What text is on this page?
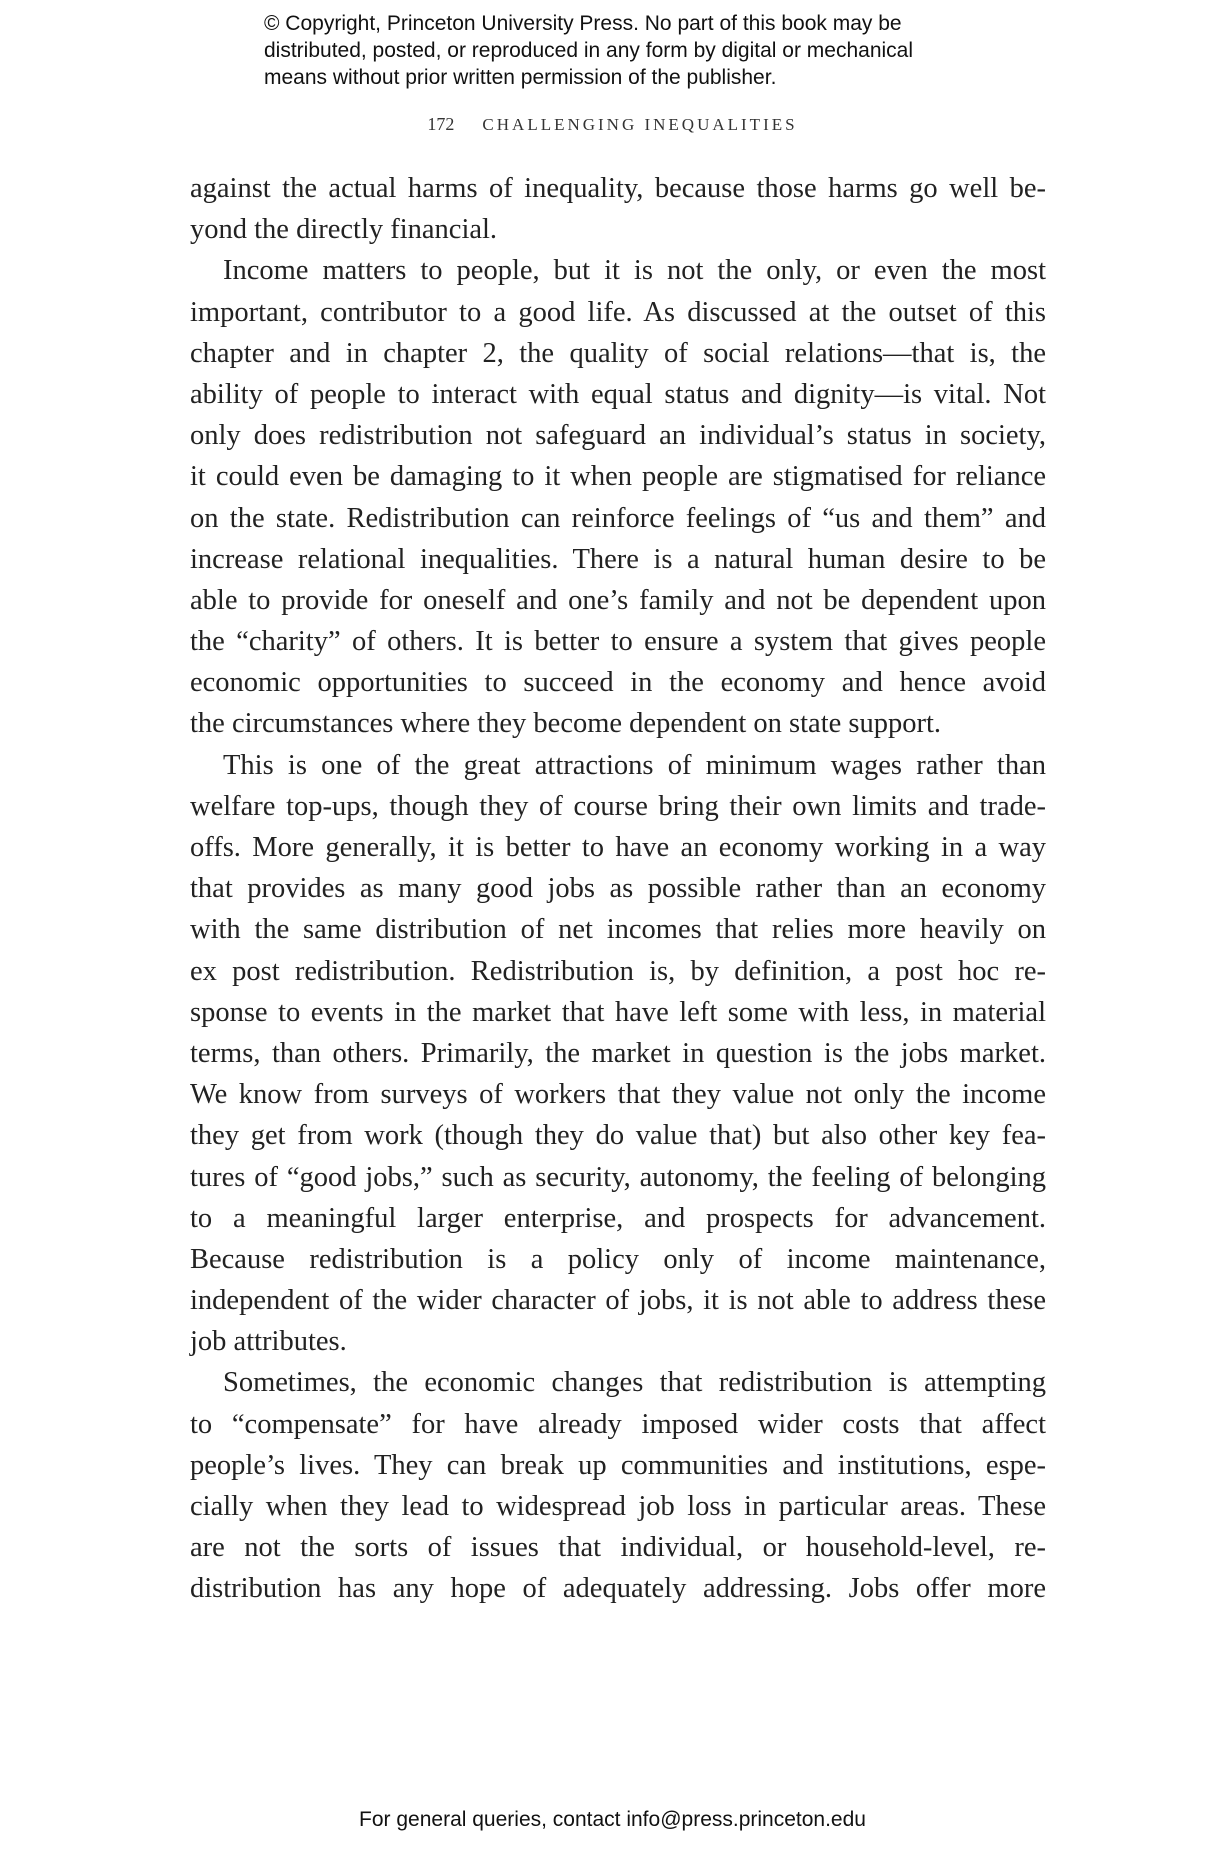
© Copyright, Princeton University Press. No part of this book may be
distributed, posted, or reproduced in any form by digital or mechanical
means without prior written permission of the publisher.
172 CHALLENGING INEQUALITIES
against the actual harms of inequality, because those harms go well be-
yond the directly financial.
Income matters to people, but it is not the only, or even the most
important, contributor to a good life. As discussed at the outset of this
chapter and in chapter 2, the quality of social relations—that is, the
ability of people to interact with equal status and dignity—is vital. Not
only does redistribution not safeguard an individual’s status in society,
it could even be damaging to it when people are stigmatised for reliance
on the state. Redistribution can reinforce feelings of “us and them” and
increase relational inequalities. There is a natural human desire to be
able to provide for oneself and one’s family and not be dependent upon
the “charity” of others. It is better to ensure a system that gives people
economic opportunities to succeed in the economy and hence avoid
the circumstances where they become dependent on state support.
This is one of the great attractions of minimum wages rather than
welfare top-ups, though they of course bring their own limits and trade-
offs. More generally, it is better to have an economy working in a way
that provides as many good jobs as possible rather than an economy
with the same distribution of net incomes that relies more heavily on
ex post redistribution. Redistribution is, by definition, a post hoc re-
sponse to events in the market that have left some with less, in material
terms, than others. Primarily, the market in question is the jobs market.
We know from surveys of workers that they value not only the income
they get from work (though they do value that) but also other key fea-
tures of “good jobs,” such as security, autonomy, the feeling of belonging
to a meaningful larger enterprise, and prospects for advancement.
Because redistribution is a policy only of income maintenance,
independent of the wider character of jobs, it is not able to address these
job attributes.
Sometimes, the economic changes that redistribution is attempting
to “compensate” for have already imposed wider costs that affect
people’s lives. They can break up communities and institutions, espe-
cially when they lead to widespread job loss in particular areas. These
are not the sorts of issues that individual, or household-level, re-
distribution has any hope of adequately addressing. Jobs offer more
For general queries, contact info@press.princeton.edu
